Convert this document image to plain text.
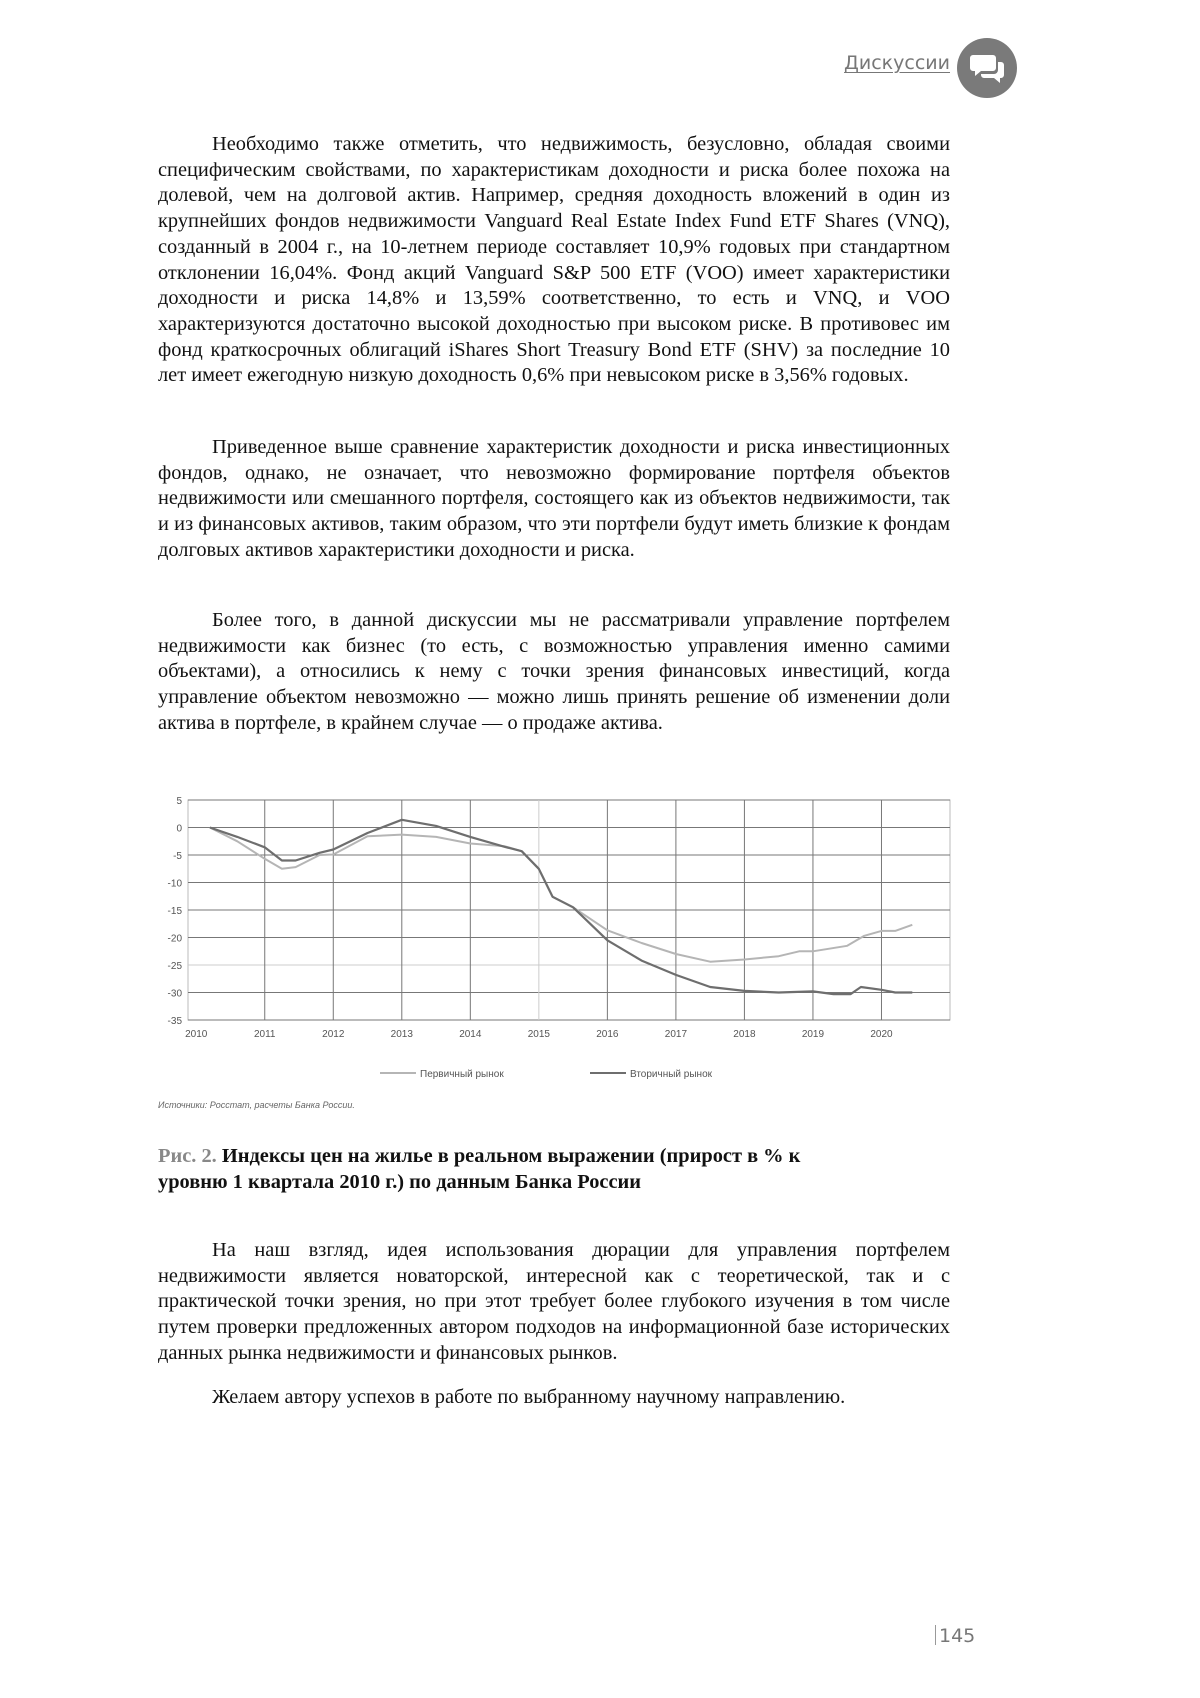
Дискуссии

Необходимо также отметить, что недвижимость, безусловно, обладая своими специфическим свойствами, по характеристикам доходности и риска более похожа на долевой, чем на долговой актив. Например, средняя доходность вложений в один из крупнейших фондов недвижимости Vanguard Real Estate Index Fund ETF Shares (VNQ), созданный в 2004 г., на 10-летнем периоде составляет 10,9% годовых при стандартном отклонении 16,04%. Фонд акций Vanguard S&P 500 ETF (VOO) имеет характеристики доходности и риска 14,8% и 13,59% соответственно, то есть и VNQ, и VOO характеризуются достаточно высокой доходностью при высоком риске. В противовес им фонд краткосрочных облигаций iShares Short Treasury Bond ETF (SHV) за последние 10 лет имеет ежегодную низкую доходность 0,6% при невысоком риске в 3,56% годовых.

Приведенное выше сравнение характеристик доходности и риска инвестиционных фондов, однако, не означает, что невозможно формирование портфеля объектов недвижимости или смешанного портфеля, состоящего как из объектов недвижимости, так и из финансовых активов, таким образом, что эти портфели будут иметь близкие к фондам долговых активов характеристики доходности и риска.

Более того, в данной дискуссии мы не рассматривали управление портфелем недвижимости как бизнес (то есть, с возможностью управления именно самими объектами), а относились к нему с точки зрения финансовых инвестиций, когда управление объектом невозможно — можно лишь принять решение об изменении доли актива в портфеле, в крайнем случае — о продаже актива.

5
0
-5
-10
-15
-20
-25
-30
-35
2010	2011	2012	2013	2014	2015	2016	2017	2018	2019	2020
Первичный рынок	Вторичный рынок
Источники: Росстат, расчеты Банка России.
Рис. 2. Индексы цен на жилье в реальном выражении (прирост в % к уровню 1 квартала 2010 г.) по данным Банка России

На наш взгляд, идея использования дюрации для управления портфелем недвижимости является новаторской, интересной как с теоретической, так и с практической точки зрения, но при этот требует более глубокого изучения в том числе путем проверки предложенных автором подходов на информационной базе исторических данных рынка недвижимости и финансовых рынков.

Желаем автору успехов в работе по выбранному научному направлению.

145
